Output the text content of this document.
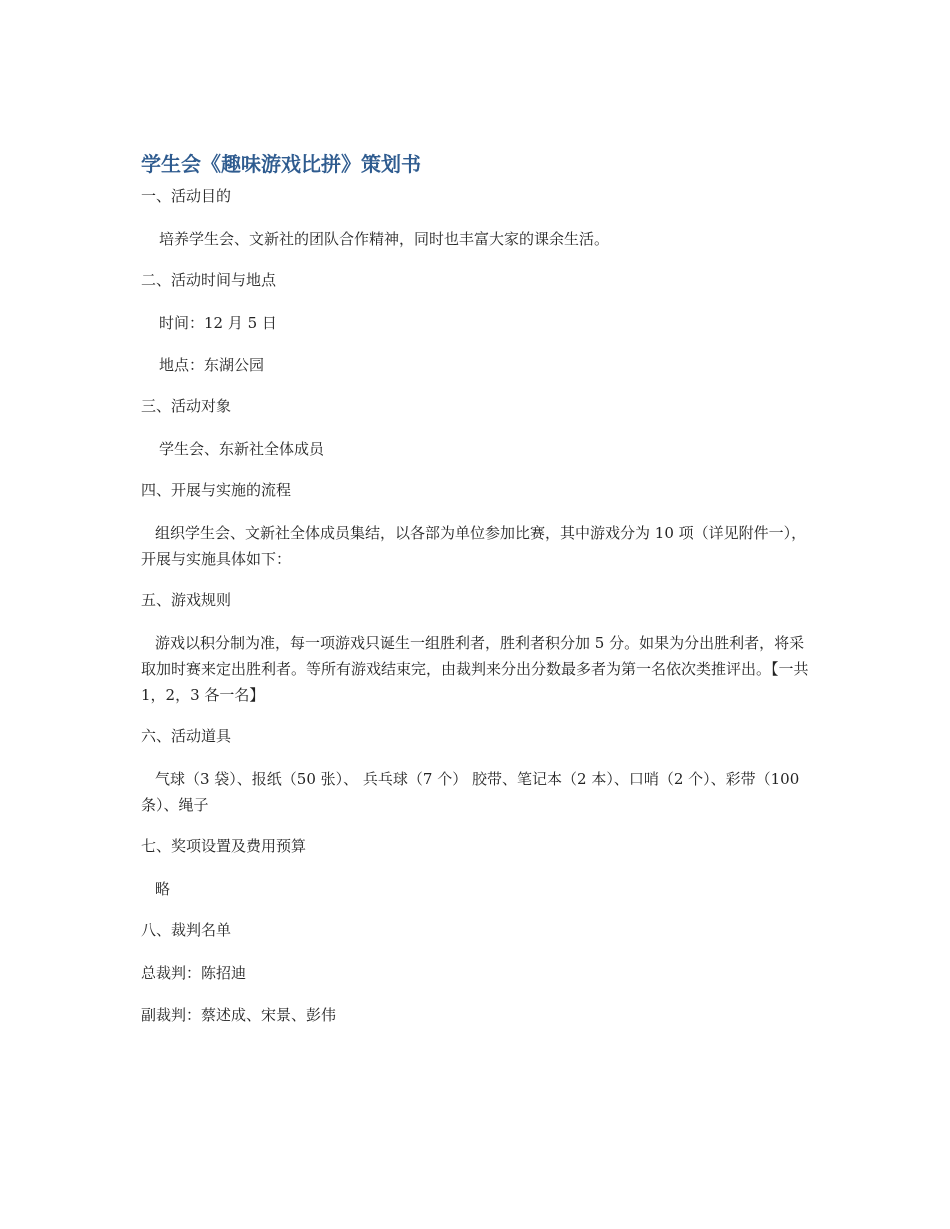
学生会《趣味游戏比拼》策划书
一、活动目的
培养学生会、文新社的团队合作精神，同时也丰富大家的课余生活。
二、活动时间与地点
时间：12 月 5 日
地点：东湖公园
三、活动对象
学生会、东新社全体成员
四、开展与实施的流程
组织学生会、文新社全体成员集结，以各部为单位参加比赛，其中游戏分为 10 项（详见附件一），开展与实施具体如下：
五、游戏规则
游戏以积分制为准，每一项游戏只诞生一组胜利者，胜利者积分加 5 分。如果为分出胜利者，将采取加时赛来定出胜利者。等所有游戏结束完，由裁判来分出分数最多者为第一名依次类推评出。【一共 1，2，3 各一名】
六、活动道具
气球（3 袋）、报纸（50 张）、 兵乓球（7 个） 胶带、笔记本（2 本）、口哨（2 个）、彩带（100 条）、绳子
七、奖项设置及费用预算
略
八、裁判名单
总裁判：陈招迪
副裁判：蔡述成、宋景、彭伟
